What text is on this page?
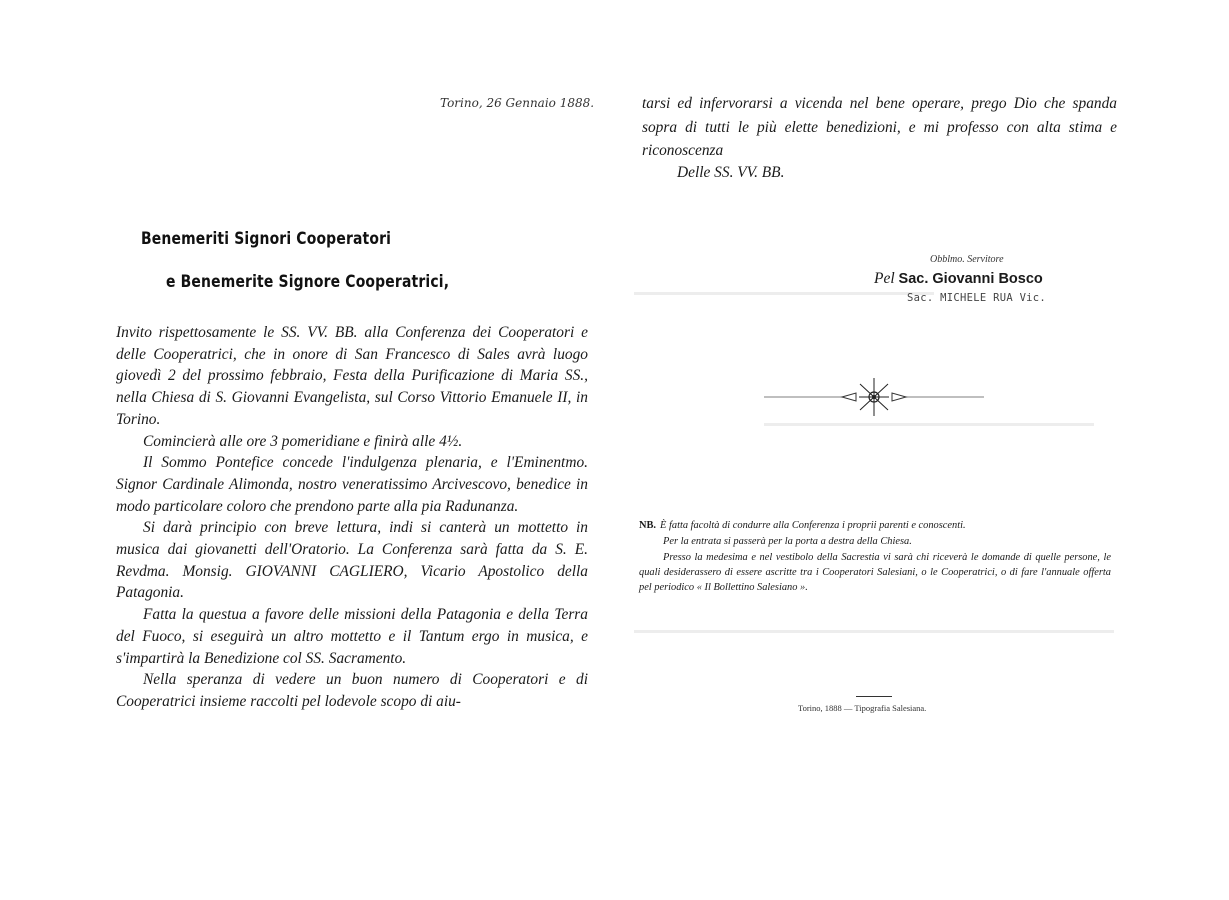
Torino, 26 Gennaio 1888.
Benemeriti Signori Cooperatori
e Benemerite Signore Cooperatrici,

Invito rispettosamente le SS. VV. BB. alla Conferenza dei Cooperatori e delle Cooperatrici, che in onore di San Francesco di Sales avrà luogo giovedì 2 del prossimo febbraio, Festa della Purificazione di Maria SS., nella Chiesa di S. Giovanni Evangelista, sul Corso Vittorio Emanuele II, in Torino.

Comincierà alle ore 3 pomeridiane e finirà alle 4½.

Il Sommo Pontefice concede l'indulgenza plenaria, e l'Eminentmo. Signor Cardinale Alimonda, nostro veneratissimo Arcivescovo, benedice in modo particolare coloro che prendono parte alla pia Radunanza.

Si darà principio con breve lettura, indi si canterà un mottetto in musica dai giovanetti dell'Oratorio. La Conferenza sarà fatta da S. E. Revdma. Monsig. GIOVANNI CAGLIERO, Vicario Apostolico della Patagonia.

Fatta la questua a favore delle missioni della Patagonia e della Terra del Fuoco, si eseguirà un altro mottetto e il Tantum ergo in musica, e s'impartirà la Benedizione col SS. Sacramento.

Nella speranza di vedere un buon numero di Cooperatori e di Cooperatrici insieme raccolti pel lodevole scopo di aiu-

tarsi ed infervorarsi a vicenda nel bene operare, prego Dio che spanda sopra di tutti le più elette benedizioni, e mi professo con alta stima e riconoscenza
Delle SS. VV. BB.
Obblmo. Servitore
Pel Sac. Giovanni Bosco
Sac. MICHELE RUA Vic.

NB. È fatta facoltà di condurre alla Conferenza i proprii parenti e conoscenti.

Per la entrata si passerà per la porta a destra della Chiesa.

Presso la medesima e nel vestibolo della Sacrestia vi sarà chi riceverà le domande di quelle persone, le quali desiderassero di essere ascritte tra i Cooperatori Salesiani, o le Cooperatrici, o di fare l'annuale offerta pel periodico « Il Bollettino Salesiano ».

Torino, 1888 — Tipografia Salesiana.
